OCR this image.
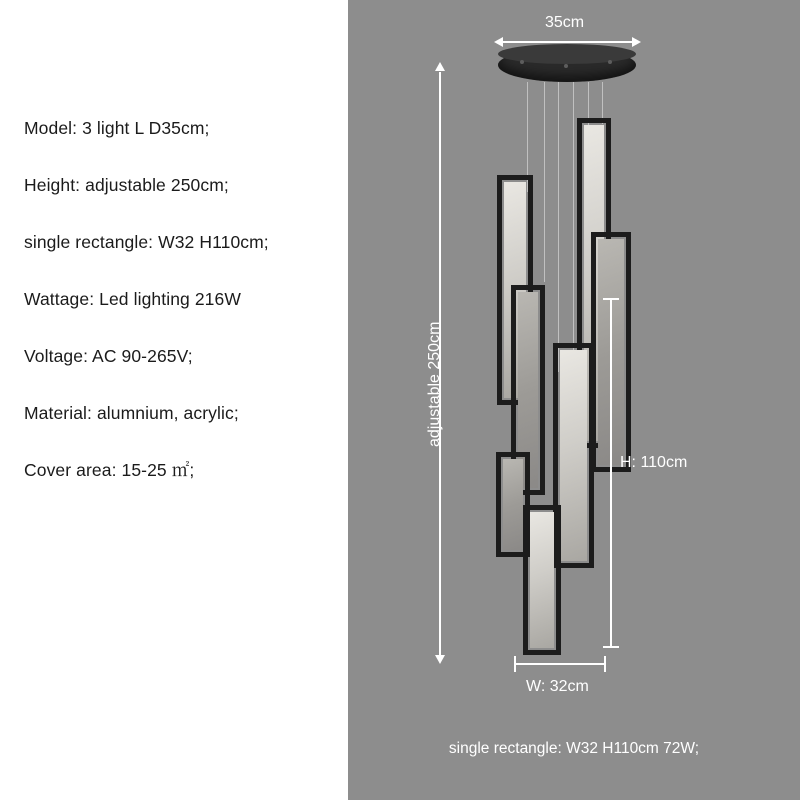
Model: 3 light L D35cm;
Height: adjustable 250cm;
single rectangle: W32 H110cm;
Wattage: Led lighting 216W
Voltage: AC 90-265V;
Material: alumnium, acrylic;
Cover area: 15-25 ㎡;
35cm
adjustable 250cm
H: 110cm
W: 32cm
single rectangle: W32 H110cm 72W;
